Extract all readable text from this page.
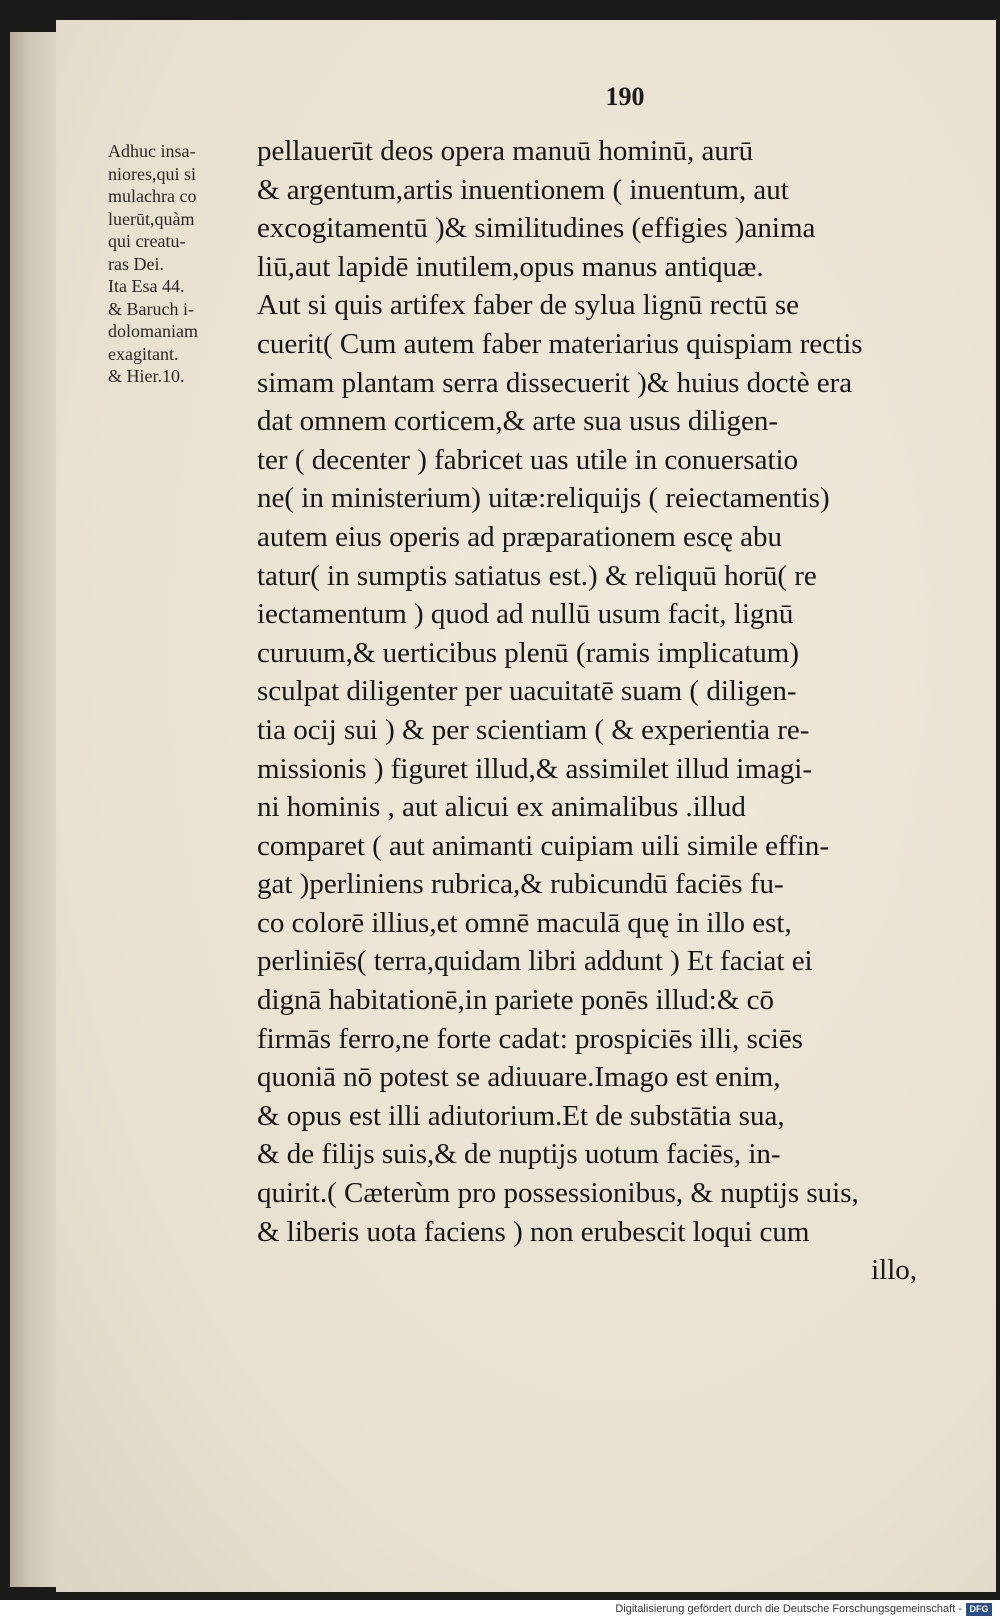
190
Adhuc insa-
niores,qui si
mulachra co
luerūt,quàm
qui creatu-
ras Dei.
Ita Esa 44.
& Baruch i-
dolomaniam
exagitant.
& Hier.10.
pellauerūt deos opera manuū hominū, aurū
& argentum,artis inuentionem ( inuentum, aut
excogitamentū )& similitudines (effigies )anima
liū,aut lapidē inutilem,opus manus antiquæ.
Aut si quis artifex faber de sylua lignū rectū se
cuerit( Cum autem faber materiarius quispiam rectis
simam plantam serra dissecuerit )& huius doctè era
dat omnem corticem,& arte sua usus diligen-
ter ( decenter ) fabricet uas utile in conuersatio
ne( in ministerium) uitæ:reliquijs ( reiectamentis)
autem eius operis ad præparationem escę abu
tatur( in sumptis satiatus est.) & reliquū horū( re
iectamentum ) quod ad nullū usum facit, lignū
curuum,& uerticibus plenū (ramis implicatum)
sculpat diligenter per uacuitatē suam ( diligen-
tia ocij sui ) & per scientiam ( & experientia re-
missionis ) figuret illud,& assimilet illud imagi-
ni hominis , aut alicui ex animalibus .illud
comparet ( aut animanti cuipiam uili simile effin-
gat )perliniens rubrica,& rubicundū faciēs fu-
co colorē illius,et omnē maculā quę in illo est,
perliniēs( terra,quidam libri addunt ) Et faciat ei
dignā habitationē,in pariete ponēs illud:& cō
firmās ferro,ne forte cadat: prospiciēs illi, sciēs
quoniā nō potest se adiuuare.Imago est enim,
& opus est illi adiutorium.Et de substātia sua,
& de filijs suis,& de nuptijs uotum faciēs, in-
quirit.( Cæterùm pro possessionibus, & nuptijs suis,
& liberis uota faciens ) non erubescit loqui cum
illo,
Digitalisierung gefördert durch die Deutsche Forschungsgemeinschaft - DFG
